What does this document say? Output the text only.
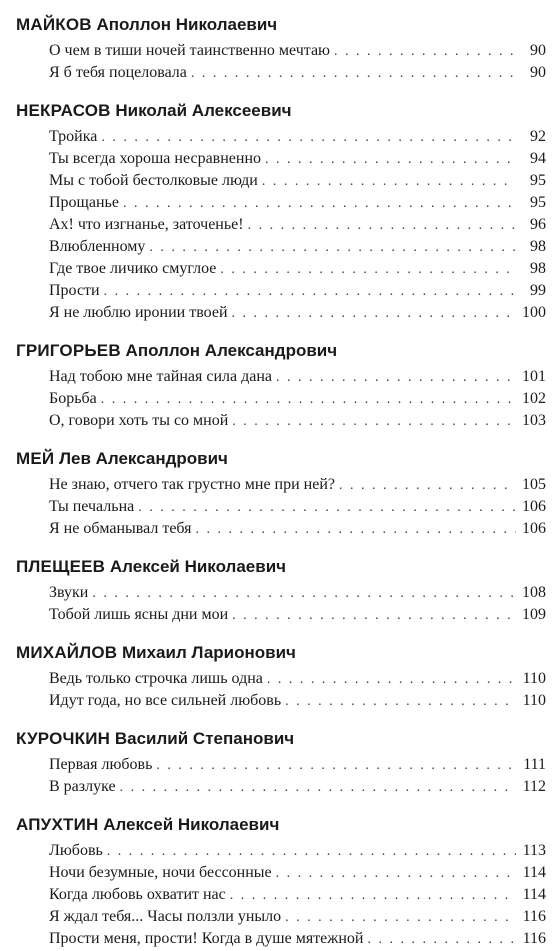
МАЙКОВ Аполлон Николаевич
О чем в тиши ночей таинственно мечтаю . . .	90
Я б тебя поцеловала . . .	90
НЕКРАСОВ Николай Алексеевич
Тройка . . .	92
Ты всегда хороша несравненно . . .	94
Мы с тобой бестолковые люди . . .	95
Прощанье . . .	95
Ах! что изгнанье, заточенье! . . .	96
Влюбленному . . .	98
Где твое личико смуглое . . .	98
Прости . . .	99
Я не люблю иронии твоей . . .	100
ГРИГОРЬЕВ Аполлон Александрович
Над тобою мне тайная сила дана . . .	101
Борьба . . .	102
О, говори хоть ты со мной . . .	103
МЕЙ Лев Александрович
Не знаю, отчего так грустно мне при ней? . . .	105
Ты печальна . . .	106
Я не обманывал тебя . . .	106
ПЛЕЩЕЕВ Алексей Николаевич
Звуки . . .	108
Тобой лишь ясны дни мои . . .	109
МИХАЙЛОВ Михаил Ларионович
Ведь только строчка лишь одна . . .	110
Идут года, но все сильней любовь . . .	110
КУРОЧКИН Василий Степанович
Первая любовь . . .	111
В разлуке . . .	112
АПУХТИН Алексей Николаевич
Любовь . . .	113
Ночи безумные, ночи бессонные . . .	114
Когда любовь охватит нас . . .	114
Я ждал тебя... Часы ползли уныло . . .	116
Прости меня, прости! Когда в душе мятежной . . .	116
